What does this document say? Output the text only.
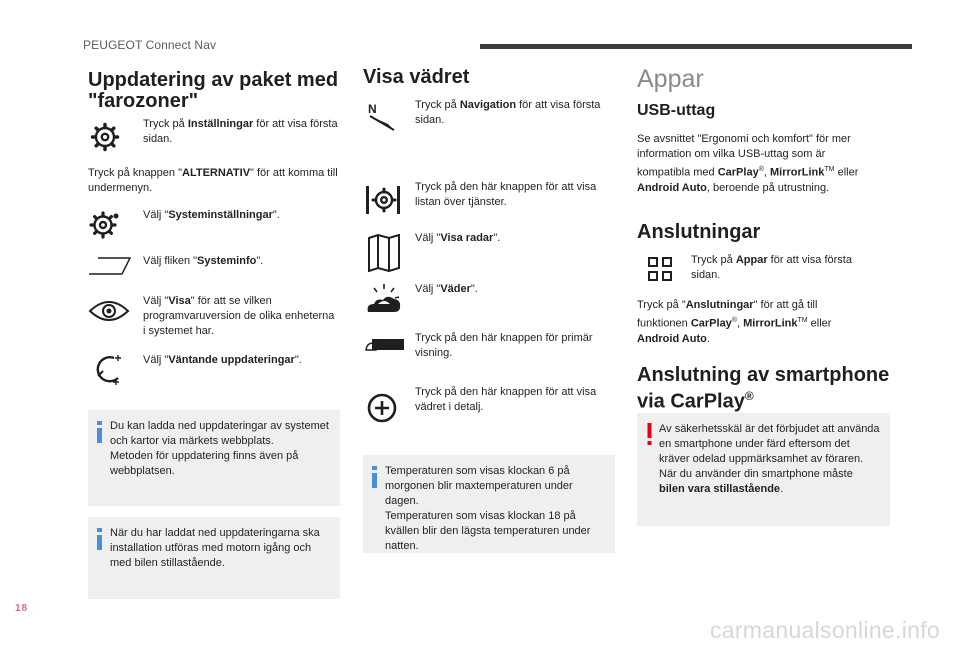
PEUGEOT Connect Nav
Uppdatering av paket med "farozoner"
Tryck på Inställningar för att visa första sidan.
Tryck på knappen "ALTERNATIV" för att komma till undermenyn.
Välj "Systeminställningar".
Välj fliken "Systeminfo".
Välj "Visa" för att se vilken programvaruversion de olika enheterna i systemet har.
Välj "Väntande uppdateringar".
Du kan ladda ned uppdateringar av systemet och kartor via märkets webbplats.
Metoden för uppdatering finns även på webbplatsen.
När du har laddat ned uppdateringarna ska installation utföras med motorn igång och med bilen stillastående.
Visa vädret
N	Tryck på Navigation för att visa första sidan.
Tryck på den här knappen för att visa listan över tjänster.
Välj "Visa radar".
Välj "Väder".
Tryck på den här knappen för primär visning.
Tryck på den här knappen för att visa vädret i detalj.
Temperaturen som visas klockan 6 på morgonen blir maxtemperaturen under dagen.
Temperaturen som visas klockan 18 på kvällen blir den lägsta temperaturen under natten.
Appar
USB-uttag
Se avsnittet "Ergonomi och komfort" för mer information om vilka USB-uttag som är kompatibla med CarPlay®, MirrorLink™ eller Android Auto, beroende på utrustning.
Anslutningar
Tryck på Appar för att visa första sidan.
Tryck på "Anslutningar" för att gå till funktionen CarPlay®, MirrorLink™ eller Android Auto.
Anslutning av smartphone via CarPlay®
Av säkerhetsskäl är det förbjudet att använda en smartphone under färd eftersom det kräver odelad uppmärksamhet av föraren.
När du använder din smartphone måste bilen vara stillastående.
18
carmanualsonline.info
